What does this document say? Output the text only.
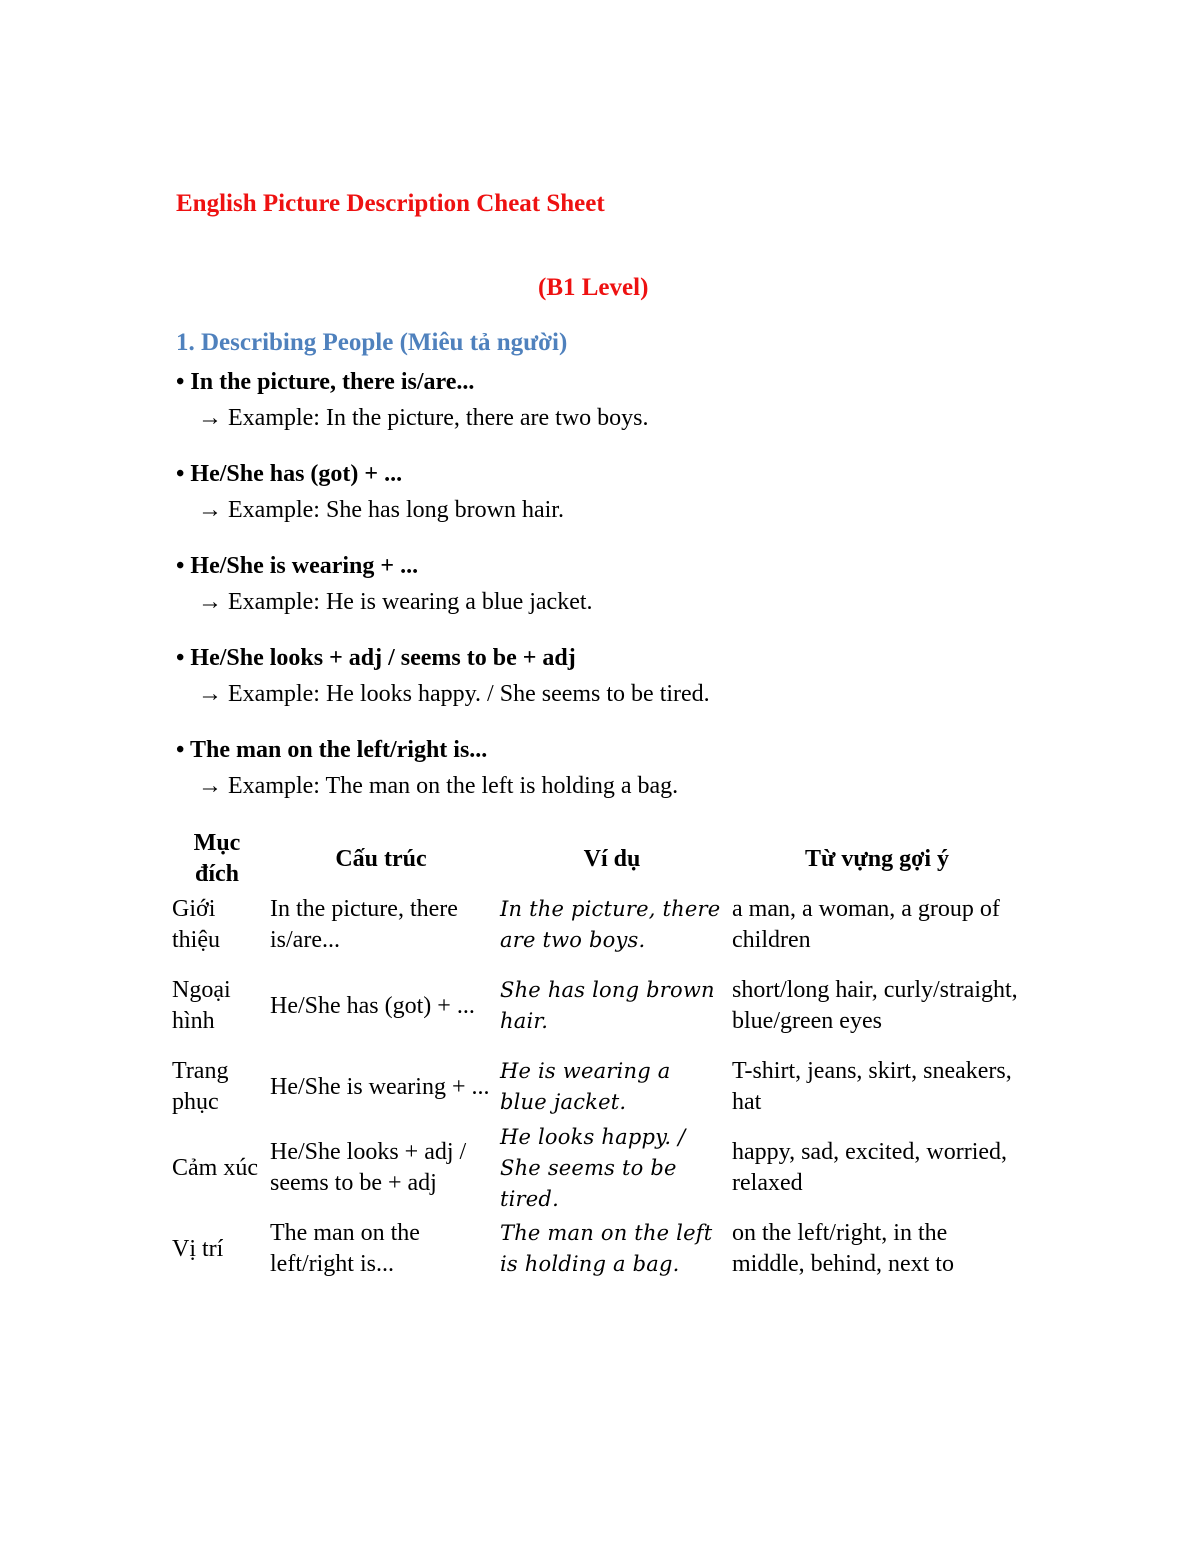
English Picture Description Cheat Sheet
(B1 Level)
1. Describing People (Miêu tả người)
• In the picture, there is/are...
→ Example: In the picture, there are two boys.
• He/She has (got) + ...
→ Example: She has long brown hair.
• He/She is wearing + ...
→ Example: He is wearing a blue jacket.
• He/She looks + adj / seems to be + adj
→ Example: He looks happy. / She seems to be tired.
• The man on the left/right is...
→ Example: The man on the left is holding a bag.
Mục đích	Cấu trúc	Ví dụ	Từ vựng gợi ý
Giới thiệu	In the picture, there is/are...	In the picture, there are two boys.	a man, a woman, a group of children
Ngoại hình	He/She has (got) + ...	She has long brown hair.	short/long hair, curly/straight, blue/green eyes
Trang phục	He/She is wearing + ...	He is wearing a blue jacket.	T-shirt, jeans, skirt, sneakers, hat
Cảm xúc	He/She looks + adj / seems to be + adj	He looks happy. / She seems to be tired.	happy, sad, excited, worried, relaxed
Vị trí	The man on the left/right is...	The man on the left is holding a bag.	on the left/right, in the middle, behind, next to
